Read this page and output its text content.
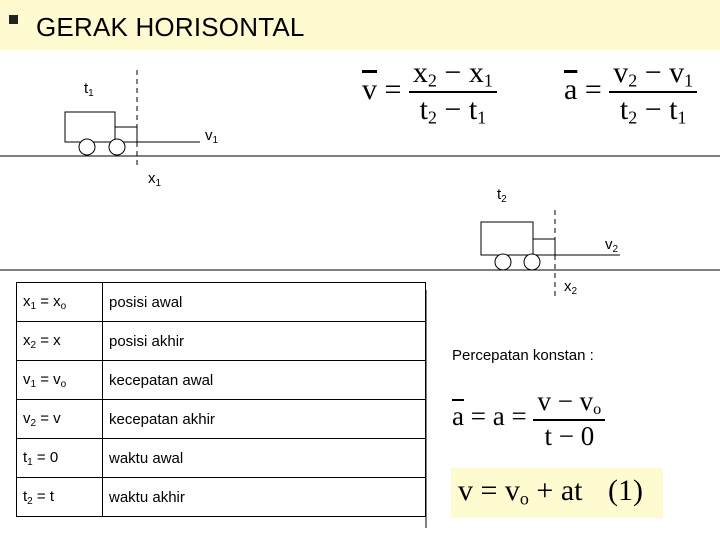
GERAK HORISONTAL
$t_1$
$v_1$
$x_1$
$t_2$
$v_2$
$x_2$
$\overline{v} = \frac{x_2 - x_1}{t_2 - t_1} \overline{a} = \frac{v_2 - v_1}{t_2 - t_1}$
$x_1 = x_o$	posisi awal
$x_2 = x$	posisi akhir
$v_1 = v_o$	kecepatan awal
$v_2 = v$	kecepatan akhir
$t_1 = 0$	waktu awal
$t_2 = t$	waktu akhir
Percepatan konstan :
$\overline{a} = a = \frac{v - v_o}{t - 0}$
$v = v_o$ + at (1)
